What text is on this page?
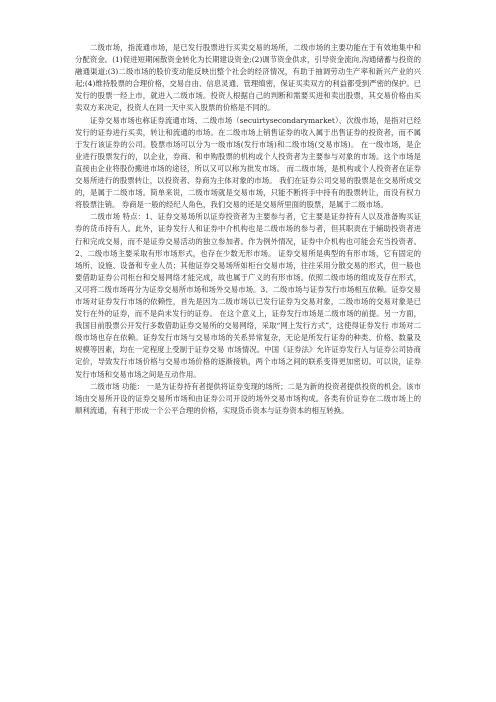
二级市场，指流通市场，是已发行股票进行买卖交易的场所，二级市场的主要功能在于有效地集中和分配资金。(1)促进短期闲散资金转化为长期建设资金;(2)调节资金供求，引导资金流向,沟通储蓄与投资的融通渠道;(3)二级市场的股价变动能反映出整个社会的经济情况，有助于抽调劳动生产率和新兴产业的兴起;(4)维持股票的合理价格，交易自由、信息灵通、管理缜密，保证买卖双方的利益都受到严密的保护。已发行的股票一经上市，就进入二级市场。投资人根据自己的判断和需要买进和卖出股票，其交易价格由买卖双方来决定，投资人在同一天中买入股票的价格是不同的。

证券交易市场也称证券流通市场、二级市场（secuirtysecondarymarket）、次级市场，是指对已经发行的证券进行买卖，转让和流通的市场。在二级市场上销售证券的收入属于出售证券的投资者，而不属于发行该证券的公司。股票市场可以分为一级市场(发行市场)和二级市场(交易市场)。 在一级市场，是企业进行股票发行的，以企业，券商、和申购股票的机构或个人投资者为主要参与对象的市场。这个市场是直接由企业将股份搬进市场的途径，所以又可以称为批发市场。 而二级市场，是机构或个人投资者在证券交易所进行的股票转让，以投资者、券商为主体对象的市场。 我们在证券公司交易的股票是在交易所成交的，是属于二级市场。简单来说，二级市场就是交易市场，只能不断将手中持有的股票转让，而没有权力将股票注销。 券商是一般的经纪人角色，我们交易的还是交易所里面的股票，是属于二级市场。

二级市场 特点：1、证券交易场所以证券投资者为主要参与者，它主要是证券持有人以及准备购买证券的货币持有人。此外，证券发行人和证券中介机构也是二级市场的参与者，但其职责在于辅助投资者进行和完成交易，而不是证券交易活动的独立参加者。作为例外情况，证券中介机构也可能会充当投资者。 2、二级市场主要采取有形市场形式，也存在少数无形市场。 证券交易所是典型的有形市场，它有固定的场所、设施、设备和专业人员；其他证券交易场所如柜台交易市场，往往采用分散交易的形式，但一般也要借助证券公司柜台和交易网络才能完成，故也属于广义的有形市场。依照二级市场的组成及存在形式，又可将二级市场再分为证券交易所市场和场外交易市场。3、二级市场与证券发行市场相互依赖。证券交易市场对证券发行市场的依赖性，首先是因为二级市场以已发行证券为交易对象，二级市场的交易对象是已发行在外的证券，而不是尚未发行的证券。 在这个意义上，证券发行市场是二级市场的前提。另一方面，我国目前股票公开发行多数借助证券交易所的交易网络，采取“网上发行方式”，这使得证券发行 市场对二级市场也存在依赖。证券发行市场与交易市场的关系异常复杂，无论是所发行证券的种类、价格、数量及规模等因素，均在一定程度上受制于证券交易 市场情况。中国《证券法》允许证券发行人与证券公司协商定价，导致发行市场价格与交易市场价格的逐渐接轨，两个市场之间的联系变得更加密切。可以说，证券发行市场和交易市场之间是互动作用。

二级市场 功能： 一是为证券持有者提供将证券变现的场所；二是为新的投资者提供投资的机会。该市场由交易所开设的证券交易所市场和由证券公司开设的场外交易市场构成。各类有价证券在二级市场上的顺利流通，有利于形成一个公平合理的价格，实现货币资本与证券资本的相互转换。
